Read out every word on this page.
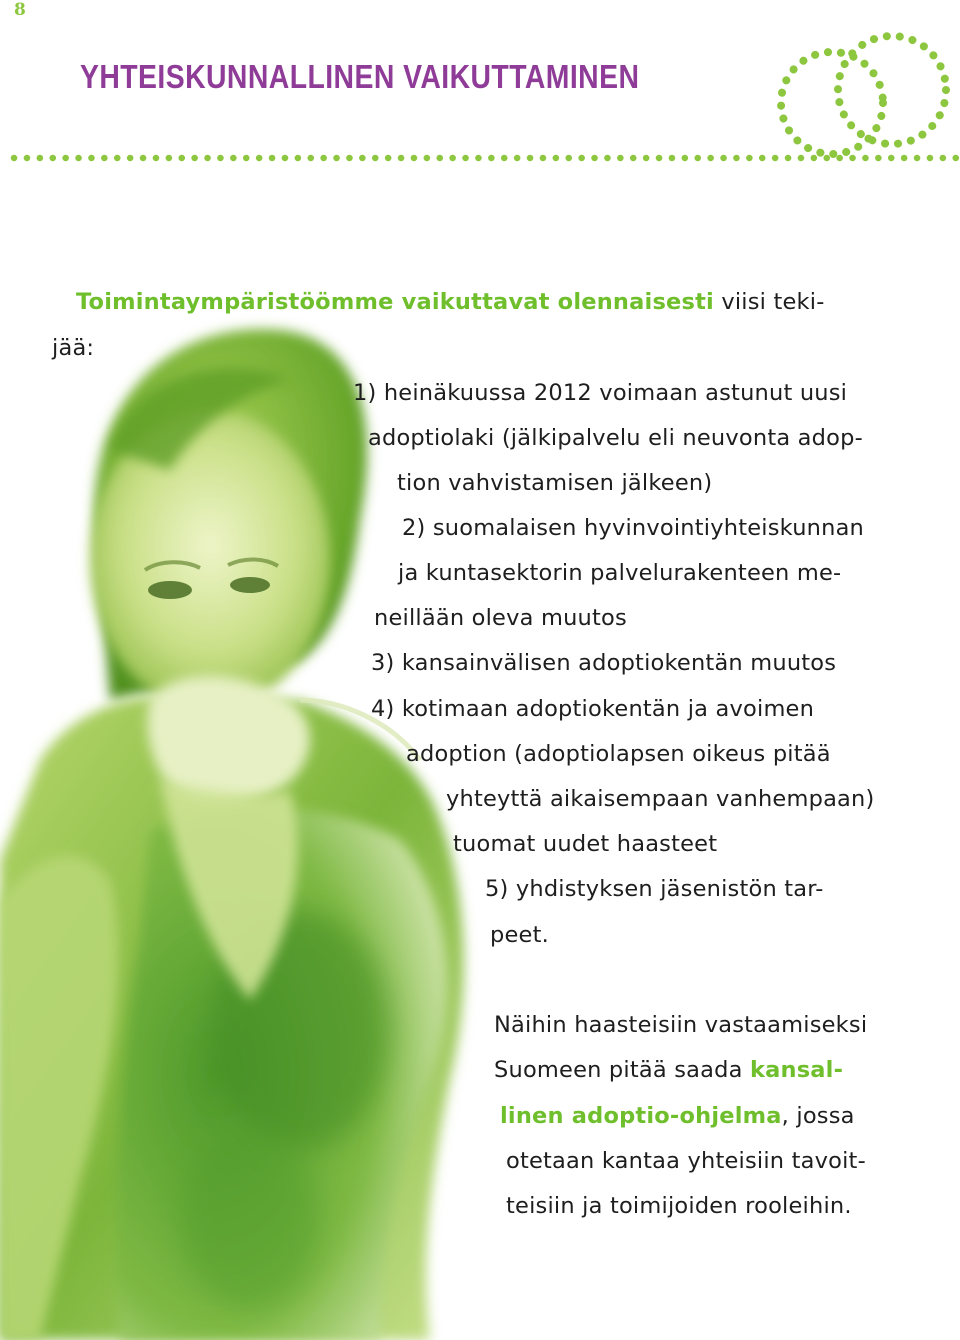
8
YHTEISKUNNALLINEN VAIKUTTAMINEN

Toimintaympäristöömme vaikuttavat olennaisesti viisi teki-

jää:

1) heinäkuussa 2012 voimaan astunut uusi

adoptiolaki (jälkipalvelu eli neuvonta adop-

tion vahvistamisen jälkeen)

2) suomalaisen hyvinvointiyhteiskunnan

ja kuntasektorin palvelurakenteen me-

neillään oleva muutos

3) kansainvälisen adoptiokentän muutos

4) kotimaan adoptiokentän ja avoimen

adoption (adoptiolapsen oikeus pitää

yhteyttä aikaisempaan vanhempaan)

tuomat uudet haasteet

5) yhdistyksen jäsenistön tar-

peet.

Näihin haasteisiin vastaamiseksi

Suomeen pitää saada kansal-

linen adoptio-ohjelma, jossa

otetaan kantaa yhteisiin tavoit-

teisiin ja toimijoiden rooleihin.
